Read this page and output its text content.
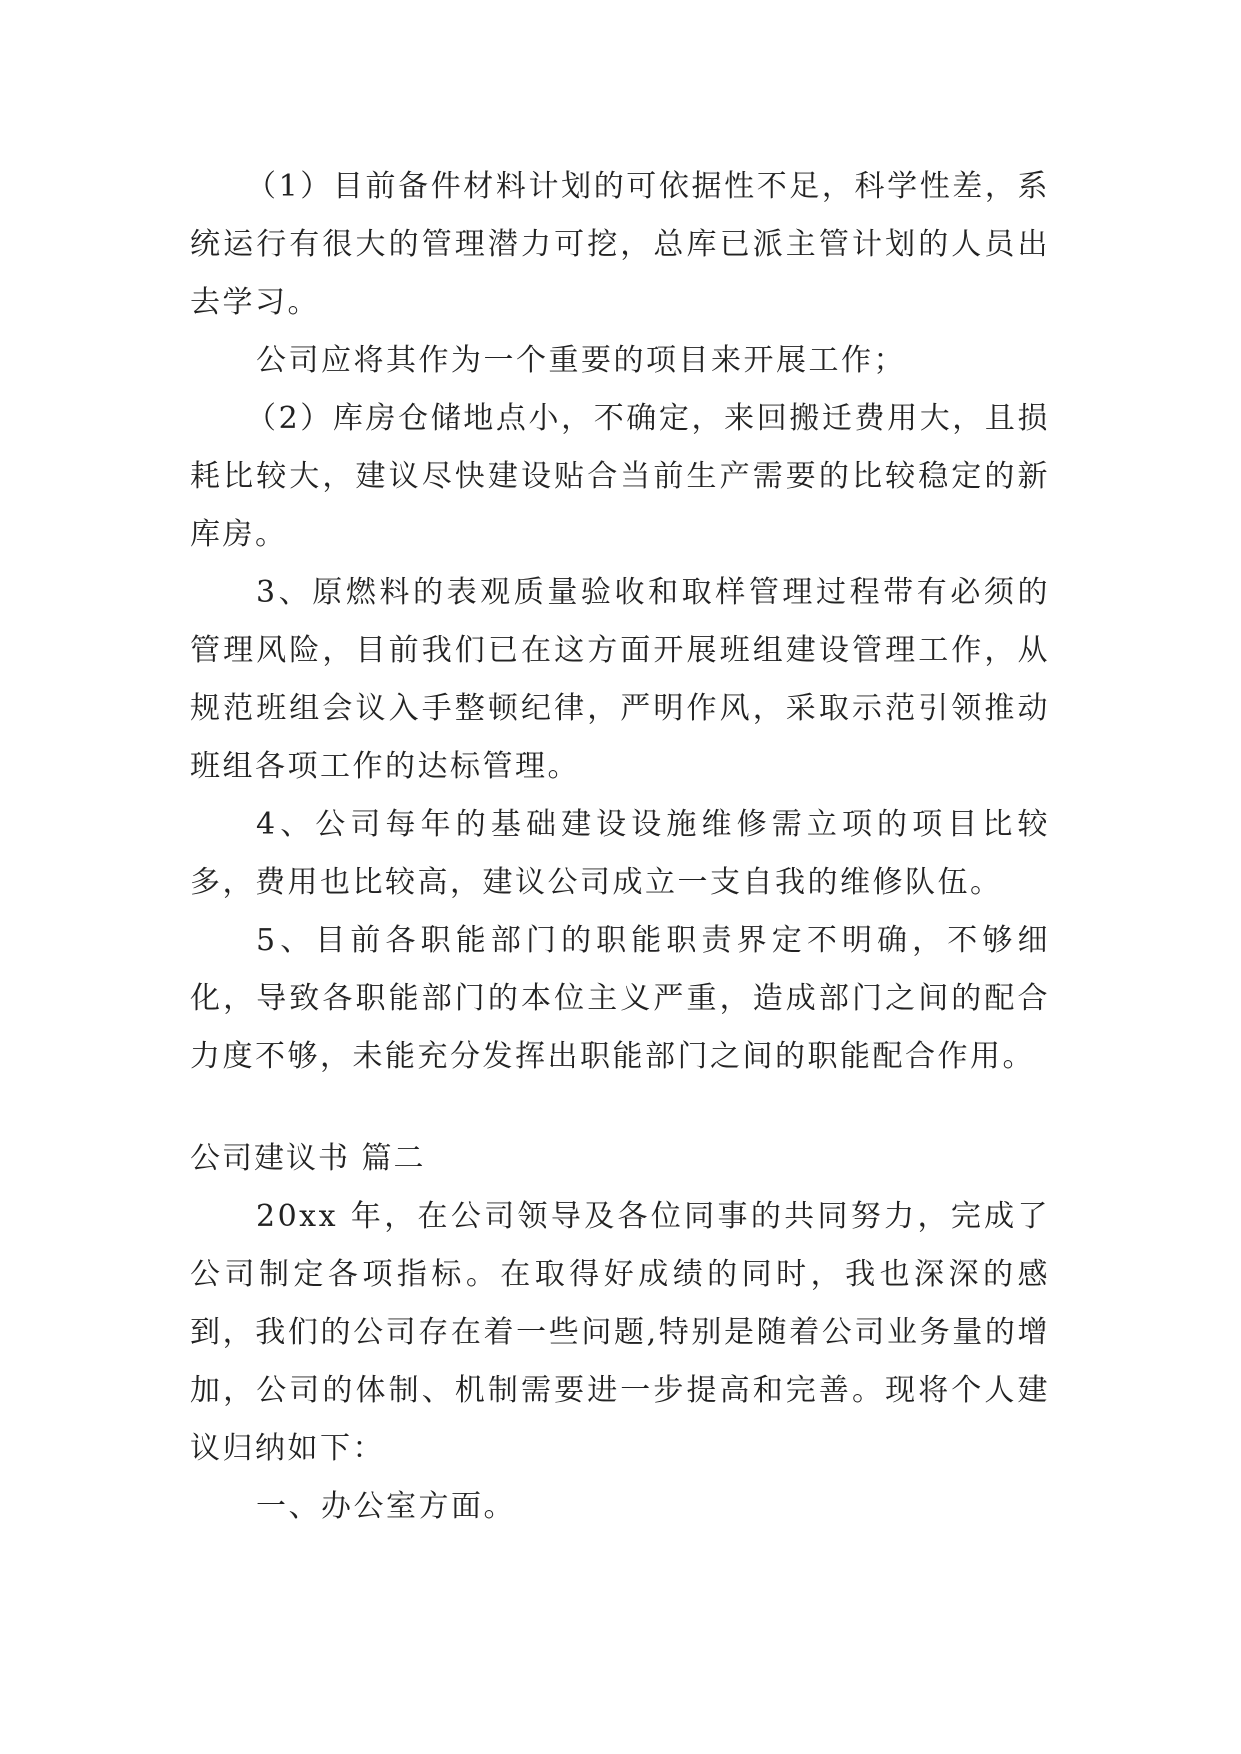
（1）目前备件材料计划的可依据性不足，科学性差，系统运行有很大的管理潜力可挖，总库已派主管计划的人员出去学习。

公司应将其作为一个重要的项目来开展工作；

（2）库房仓储地点小，不确定，来回搬迁费用大，且损耗比较大，建议尽快建设贴合当前生产需要的比较稳定的新库房。

3、原燃料的表观质量验收和取样管理过程带有必须的管理风险，目前我们已在这方面开展班组建设管理工作，从规范班组会议入手整顿纪律，严明作风，采取示范引领推动班组各项工作的达标管理。

4、公司每年的基础建设设施维修需立项的项目比较多，费用也比较高，建议公司成立一支自我的维修队伍。

5、目前各职能部门的职能职责界定不明确，不够细化，导致各职能部门的本位主义严重，造成部门之间的配合力度不够，未能充分发挥出职能部门之间的职能配合作用。

公司建议书 篇二

20xx 年，在公司领导及各位同事的共同努力，完成了公司制定各项指标。在取得好成绩的同时，我也深深的感到，我们的公司存在着一些问题,特别是随着公司业务量的增加，公司的体制、机制需要进一步提高和完善。现将个人建议归纳如下：

一、办公室方面。
